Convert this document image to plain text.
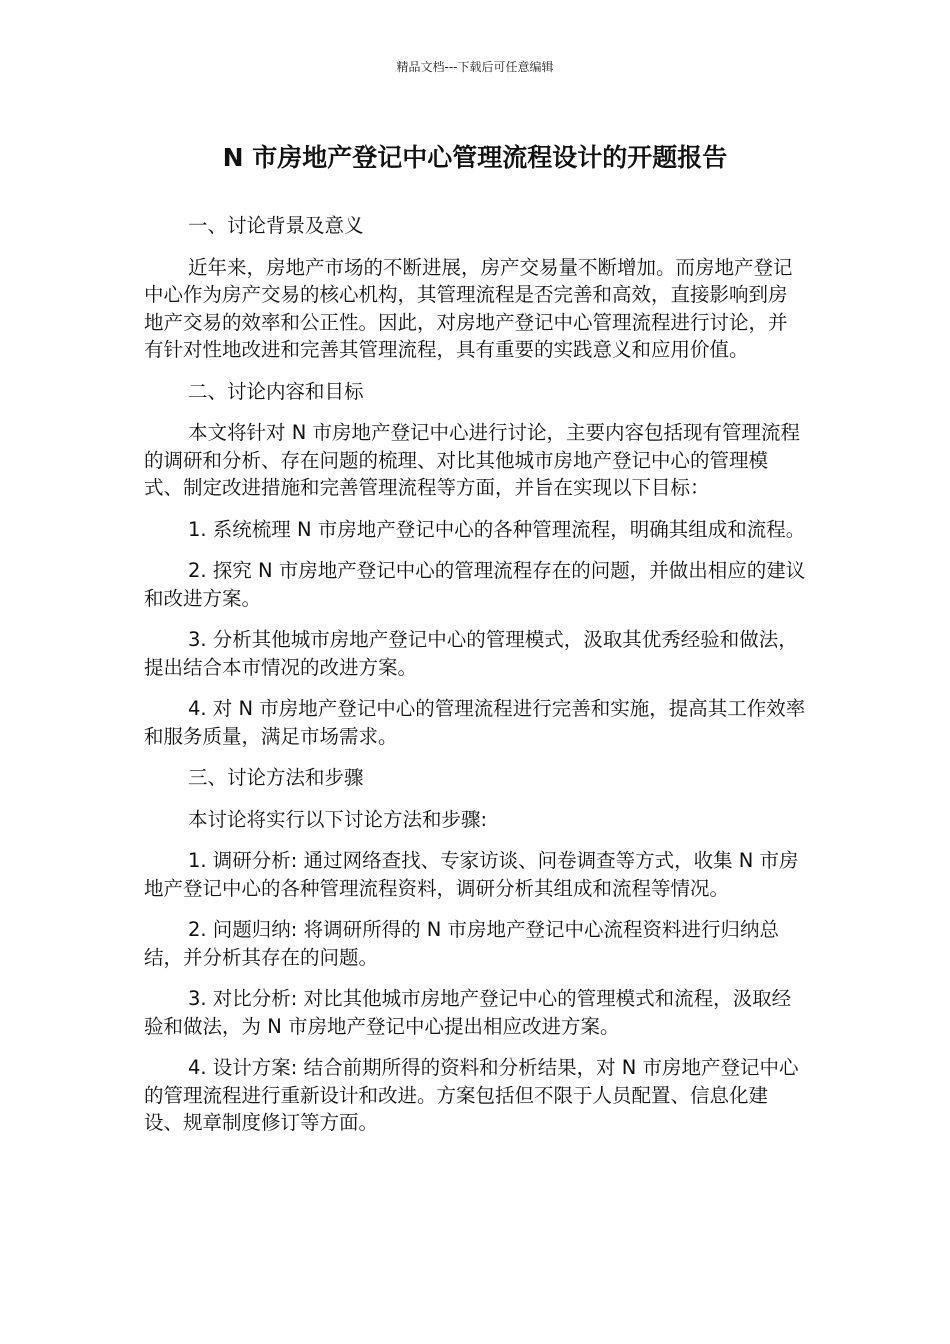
精品文档---下载后可任意编辑
N 市房地产登记中心管理流程设计的开题报告

一、讨论背景及意义

近年来，房地产市场的不断进展，房产交易量不断增加。而房地产登记中心作为房产交易的核心机构，其管理流程是否完善和高效，直接影响到房地产交易的效率和公正性。因此，对房地产登记中心管理流程进行讨论，并有针对性地改进和完善其管理流程，具有重要的实践意义和应用价值。

二、讨论内容和目标

本文将针对 N 市房地产登记中心进行讨论，主要内容包括现有管理流程的调研和分析、存在问题的梳理、对比其他城市房地产登记中心的管理模式、制定改进措施和完善管理流程等方面，并旨在实现以下目标：

1. 系统梳理 N 市房地产登记中心的各种管理流程，明确其组成和流程。

2. 探究 N 市房地产登记中心的管理流程存在的问题，并做出相应的建议和改进方案。

3. 分析其他城市房地产登记中心的管理模式，汲取其优秀经验和做法，提出结合本市情况的改进方案。

4. 对 N 市房地产登记中心的管理流程进行完善和实施，提高其工作效率和服务质量，满足市场需求。

三、讨论方法和步骤

本讨论将实行以下讨论方法和步骤:

1. 调研分析: 通过网络查找、专家访谈、问卷调查等方式，收集 N 市房地产登记中心的各种管理流程资料，调研分析其组成和流程等情况。

2. 问题归纳: 将调研所得的 N 市房地产登记中心流程资料进行归纳总结，并分析其存在的问题。

3. 对比分析: 对比其他城市房地产登记中心的管理模式和流程，汲取经验和做法，为 N 市房地产登记中心提出相应改进方案。

4. 设计方案: 结合前期所得的资料和分析结果，对 N 市房地产登记中心的管理流程进行重新设计和改进。方案包括但不限于人员配置、信息化建设、规章制度修订等方面。
